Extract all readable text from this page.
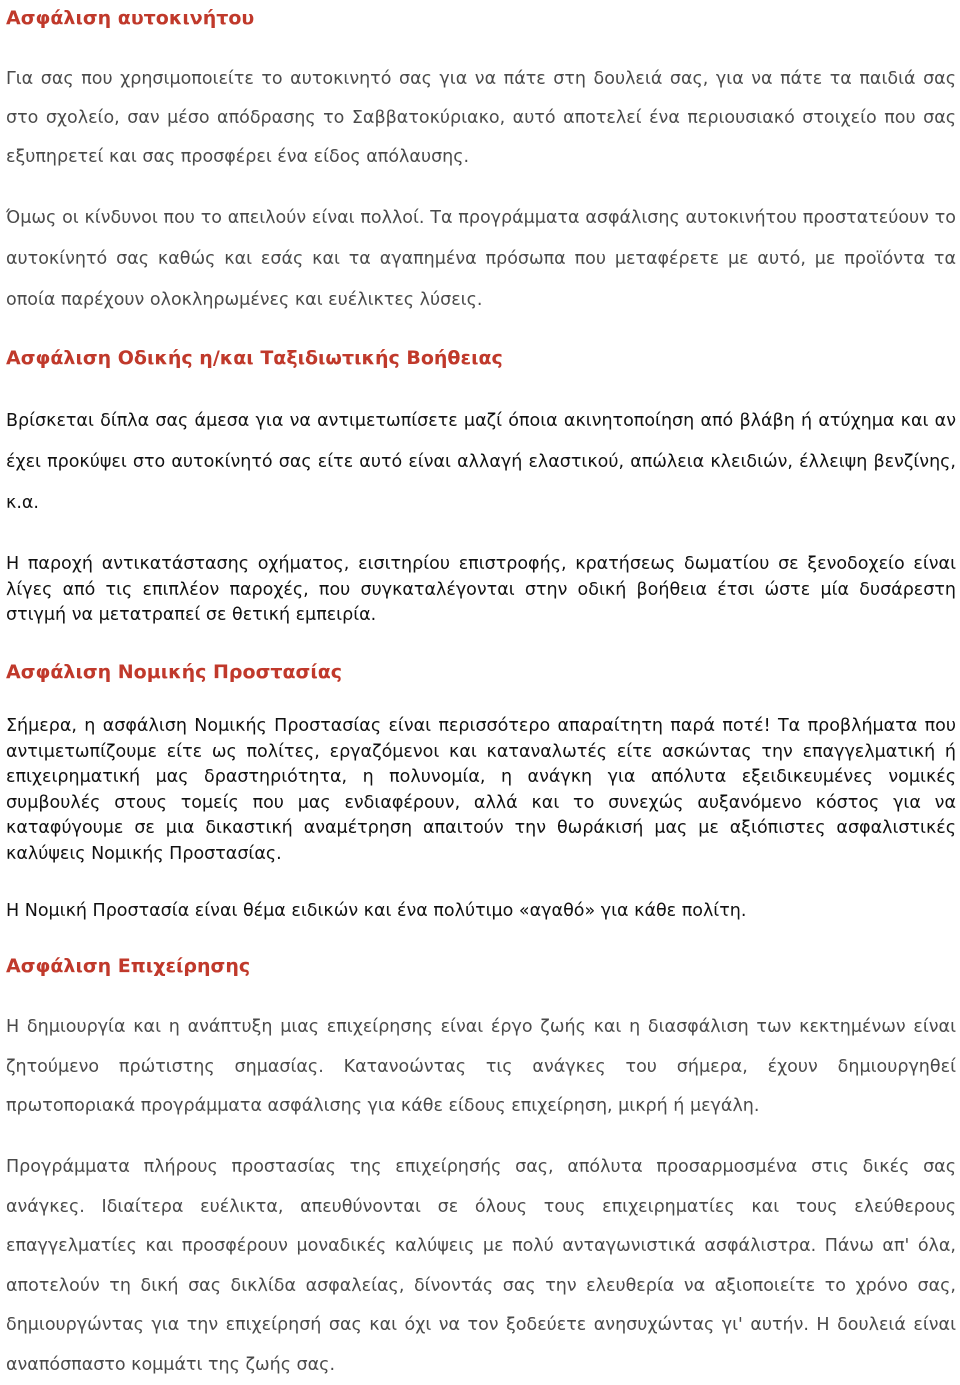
Ασφάλιση αυτοκινήτου

Για σας που χρησιμοποιείτε το αυτοκινητό σας για να πάτε στη δουλειά σας, για να πάτε τα παιδιά σας στο σχολείο, σαν μέσο απόδρασης το Σαββατοκύριακο, αυτό αποτελεί ένα περιουσιακό στοιχείο που σας εξυπηρετεί και σας προσφέρει ένα είδος απόλαυσης.

Όμως οι κίνδυνοι που το απειλούν είναι πολλοί. Τα προγράμματα ασφάλισης αυτοκινήτου προστατεύουν το αυτοκίνητό σας καθώς και εσάς και τα αγαπημένα πρόσωπα που μεταφέρετε με αυτό, με προϊόντα τα οποία παρέχουν ολοκληρωμένες και ευέλικτες λύσεις.

Ασφάλιση Οδικής η/και Ταξιδιωτικής Βοήθειας

Βρίσκεται δίπλα σας άμεσα για να αντιμετωπίσετε μαζί όποια ακινητοποίηση από βλάβη ή ατύχημα και αν έχει προκύψει στο αυτοκίνητό σας είτε αυτό είναι αλλαγή ελαστικού, απώλεια κλειδιών, έλλειψη βενζίνης, κ.α.

Η παροχή αντικατάστασης οχήματος, εισιτηρίου επιστροφής, κρατήσεως δωματίου σε ξενοδοχείο είναι λίγες από τις επιπλέον παροχές, που συγκαταλέγονται στην οδική βοήθεια έτσι ώστε μία δυσάρεστη στιγμή να μετατραπεί σε θετική εμπειρία.

Ασφάλιση Νομικής Προστασίας

Σήμερα, η ασφάλιση Νομικής Προστασίας είναι περισσότερο απαραίτητη παρά ποτέ! Τα προβλήματα που αντιμετωπίζουμε είτε ως πολίτες, εργαζόμενοι και καταναλωτές είτε ασκώντας την επαγγελματική ή επιχειρηματική μας δραστηριότητα, η πολυνομία, η ανάγκη για απόλυτα εξειδικευμένες νομικές συμβουλές στους τομείς που μας ενδιαφέρουν, αλλά και το συνεχώς αυξανόμενο κόστος για να καταφύγουμε σε μια δικαστική αναμέτρηση απαιτούν την θωράκισή μας με αξιόπιστες ασφαλιστικές καλύψεις Νομικής Προστασίας.

Η Νομική Προστασία είναι θέμα ειδικών και ένα πολύτιμο «αγαθό» για κάθε πολίτη.

Ασφάλιση Επιχείρησης

Η δημιουργία και η ανάπτυξη μιας επιχείρησης είναι έργο ζωής και η διασφάλιση των κεκτημένων είναι ζητούμενο πρώτιστης σημασίας. Κατανοώντας τις ανάγκες του σήμερα, έχουν δημιουργηθεί πρωτοποριακά προγράμματα ασφάλισης για κάθε είδους επιχείρηση, μικρή ή μεγάλη.

Προγράμματα πλήρους προστασίας της επιχείρησής σας, απόλυτα προσαρμοσμένα στις δικές σας ανάγκες. Ιδιαίτερα ευέλικτα, απευθύνονται σε όλους τους επιχειρηματίες και τους ελεύθερους επαγγελματίες και προσφέρουν μοναδικές καλύψεις με πολύ ανταγωνιστικά ασφάλιστρα. Πάνω απ' όλα, αποτελούν τη δική σας δικλίδα ασφαλείας, δίνοντάς σας την ελευθερία να αξιοποιείτε το χρόνο σας, δημιουργώντας για την επιχείρησή σας και όχι να τον ξοδεύετε ανησυχώντας γι' αυτήν. Η δουλειά είναι αναπόσπαστο κομμάτι της ζωής σας.
